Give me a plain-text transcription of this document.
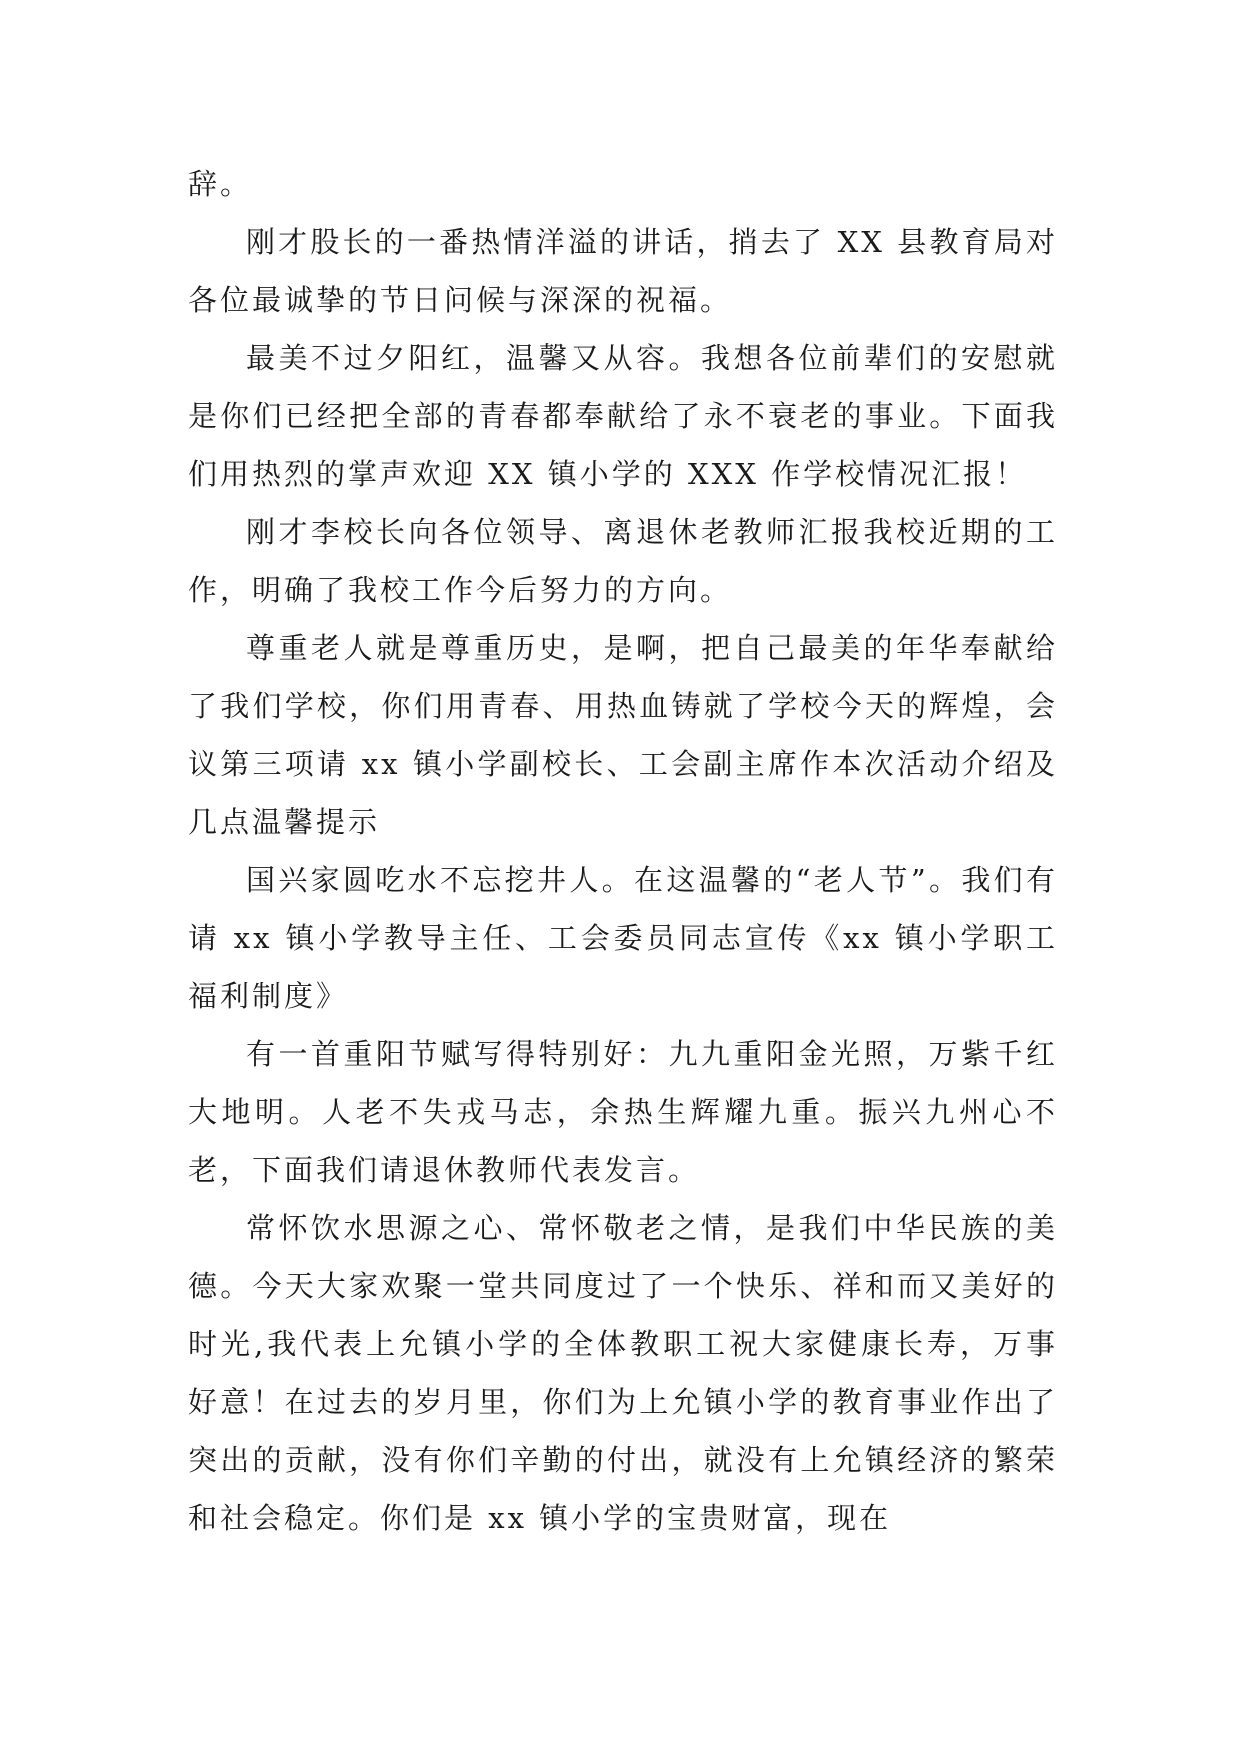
辞。

刚才股长的一番热情洋溢的讲话，捎去了 XX 县教育局对各位最诚挚的节日问候与深深的祝福。

最美不过夕阳红，温馨又从容。我想各位前辈们的安慰就是你们已经把全部的青春都奉献给了永不衰老的事业。下面我们用热烈的掌声欢迎 XX 镇小学的 XXX 作学校情况汇报！

刚才李校长向各位领导、离退休老教师汇报我校近期的工作，明确了我校工作今后努力的方向。

尊重老人就是尊重历史，是啊，把自己最美的年华奉献给了我们学校，你们用青春、用热血铸就了学校今天的辉煌，会议第三项请 xx 镇小学副校长、工会副主席作本次活动介绍及几点温馨提示

国兴家圆吃水不忘挖井人。在这温馨的“老人节”。我们有请 xx 镇小学教导主任、工会委员同志宣传《xx 镇小学职工福利制度》

有一首重阳节赋写得特别好：九九重阳金光照，万紫千红大地明。人老不失戎马志，余热生辉耀九重。振兴九州心不老，下面我们请退休教师代表发言。

常怀饮水思源之心、常怀敬老之情，是我们中华民族的美德。今天大家欢聚一堂共同度过了一个快乐、祥和而又美好的时光,我代表上允镇小学的全体教职工祝大家健康长寿，万事好意！在过去的岁月里，你们为上允镇小学的教育事业作出了突出的贡献，没有你们辛勤的付出，就没有上允镇经济的繁荣和社会稳定。你们是 xx 镇小学的宝贵财富，现在
